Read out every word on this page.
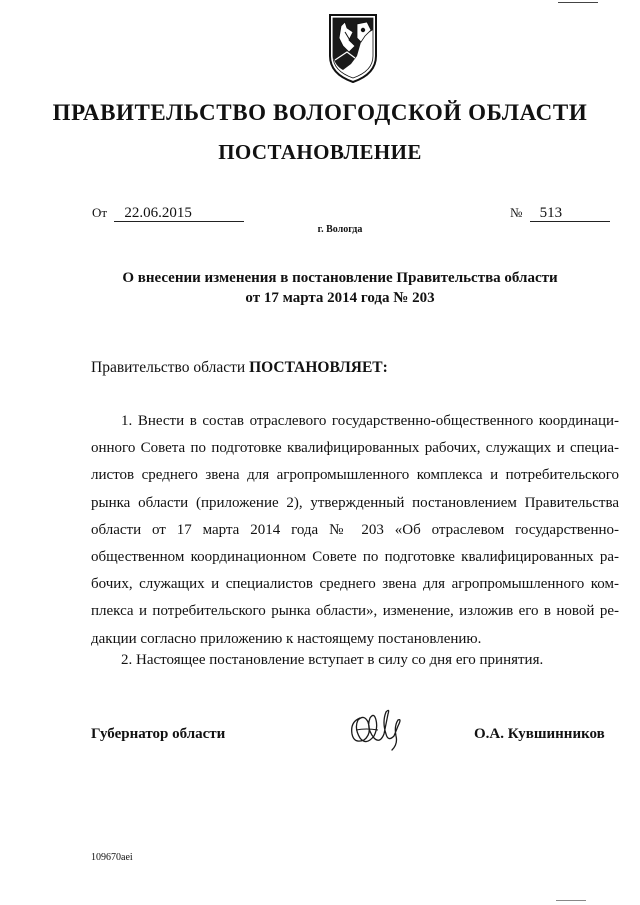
ПРАВИТЕЛЬСТВО ВОЛОГОДСКОЙ ОБЛАСТИ
ПОСТАНОВЛЕНИЕ
От 22.06.2015	№ 513
г. Вологда
О внесении изменения в постановление Правительства области
от 17 марта 2014 года № 203
Правительство области ПОСТАНОВЛЯЕТ:
1. Внести в состав отраслевого государственно-общественного координаци-
онного Совета по подготовке квалифицированных рабочих, служащих и специа-
листов среднего звена для агропромышленного комплекса и потребительского
рынка области (приложение 2), утвержденный постановлением Правительства
области от 17 марта 2014 года № 203 «Об отраслевом государственно-
общественном координационном Совете по подготовке квалифицированных ра-
бочих, служащих и специалистов среднего звена для агропромышленного ком-
плекса и потребительского рынка области», изменение, изложив его в новой ре-
дакции согласно приложению к настоящему постановлению.
2. Настоящее постановление вступает в силу со дня его принятия.
Губернатор области	О.А. Кувшинников
109670aei
